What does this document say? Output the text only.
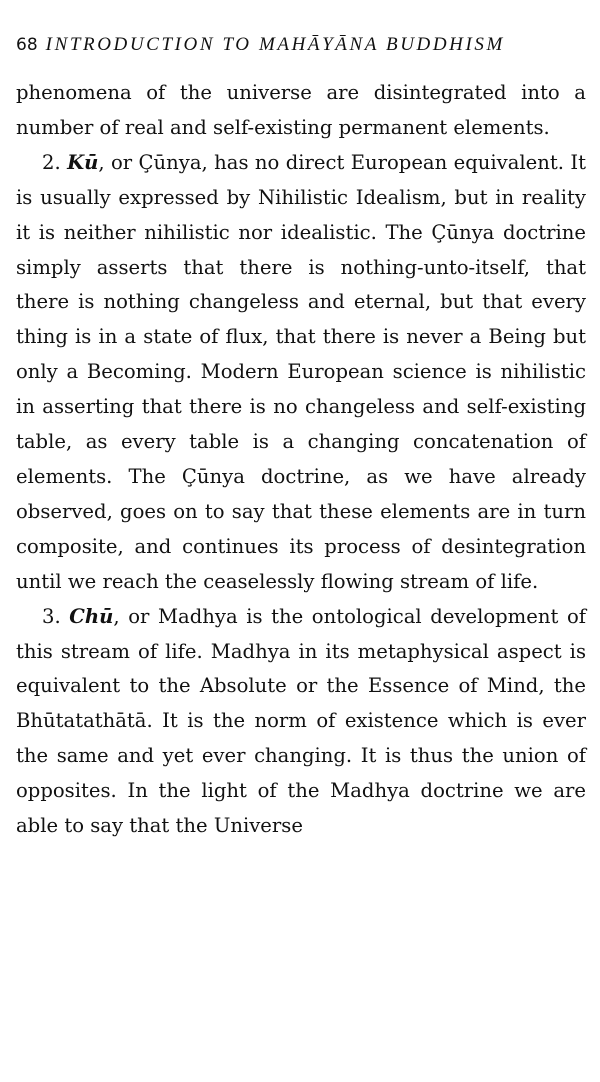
68 INTRODUCTION TO MAHĀYĀNA BUDDHISM

phenomena of the universe are disintegrated into a number of real and self-existing permanent elements.

2. Kū, or Çūnya, has no direct European equivalent. It is usually expressed by Nihilistic Idealism, but in reality it is neither nihilistic nor idealistic. The Çūnya doctrine simply asserts that there is nothing-unto-itself, that there is nothing changeless and eternal, but that every thing is in a state of flux, that there is never a Being but only a Becoming. Modern European science is nihilistic in asserting that there is no changeless and self-existing table, as every table is a changing concatenation of elements. The Çūnya doctrine, as we have already observed, goes on to say that these elements are in turn composite, and continues its process of desintegration until we reach the ceaselessly flowing stream of life.

3. Chū, or Madhya is the ontological development of this stream of life. Madhya in its metaphysical aspect is equivalent to the Absolute or the Essence of Mind, the Bhūtatathātā. It is the norm of existence which is ever the same and yet ever changing. It is thus the union of opposites. In the light of the Madhya doctrine we are able to say that the Universe
